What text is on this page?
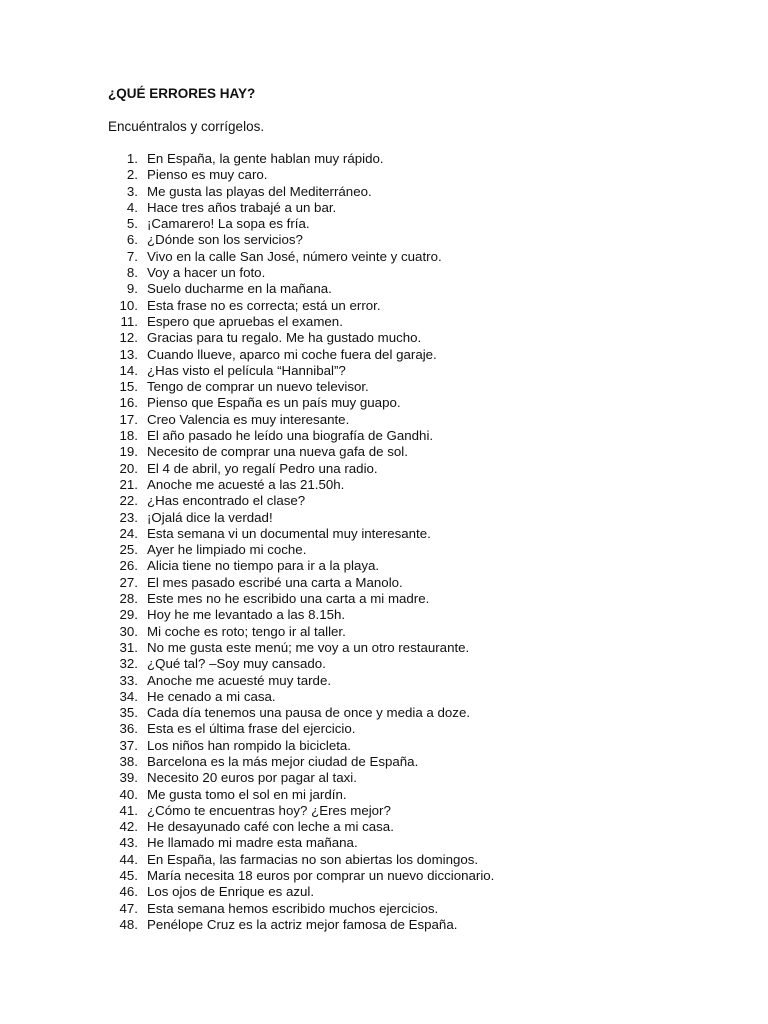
¿QUÉ ERRORES HAY?
Encuéntralos y corrígelos.
1. En España, la gente hablan muy rápido.
2. Pienso es muy caro.
3. Me gusta las playas del Mediterráneo.
4. Hace tres años trabajé a un bar.
5. ¡Camarero! La sopa es fría.
6. ¿Dónde son los servicios?
7. Vivo en la calle San José, número veinte y cuatro.
8. Voy a hacer un foto.
9. Suelo ducharme en la mañana.
10. Esta frase no es correcta; está un error.
11. Espero que apruebas el examen.
12. Gracias para tu regalo. Me ha gustado mucho.
13. Cuando llueve, aparco mi coche fuera del garaje.
14. ¿Has visto el película “Hannibal”?
15. Tengo de comprar un nuevo televisor.
16. Pienso que España es un país muy guapo.
17. Creo Valencia es muy interesante.
18. El año pasado he leído una biografía de Gandhi.
19. Necesito de comprar una nueva gafa de sol.
20. El 4 de abril, yo regalí Pedro una radio.
21. Anoche me acuesté a las 21.50h.
22. ¿Has encontrado el clase?
23. ¡Ojalá dice la verdad!
24. Esta semana vi un documental muy interesante.
25. Ayer he limpiado mi coche.
26. Alicia tiene no tiempo para ir a la playa.
27. El mes pasado escribé una carta a Manolo.
28. Este mes no he escribido una carta a mi madre.
29. Hoy he me levantado a las 8.15h.
30. Mi coche es roto; tengo ir al taller.
31. No me gusta este menú; me voy a un otro restaurante.
32. ¿Qué tal? –Soy muy cansado.
33. Anoche me acuesté muy tarde.
34. He cenado a mi casa.
35. Cada día tenemos una pausa de once y media a doze.
36. Esta es el última frase del ejercicio.
37. Los niños han rompido la bicicleta.
38. Barcelona es la más mejor ciudad de España.
39. Necesito 20 euros por pagar al taxi.
40. Me gusta tomo el sol en mi jardín.
41. ¿Cómo te encuentras hoy? ¿Eres mejor?
42. He desayunado café con leche a mi casa.
43. He llamado mi madre esta mañana.
44. En España, las farmacias no son abiertas los domingos.
45. María necesita 18 euros por comprar un nuevo diccionario.
46. Los ojos de Enrique es azul.
47. Esta semana hemos escribido muchos ejercicios.
48. Penélope Cruz es la actriz mejor famosa de España.
